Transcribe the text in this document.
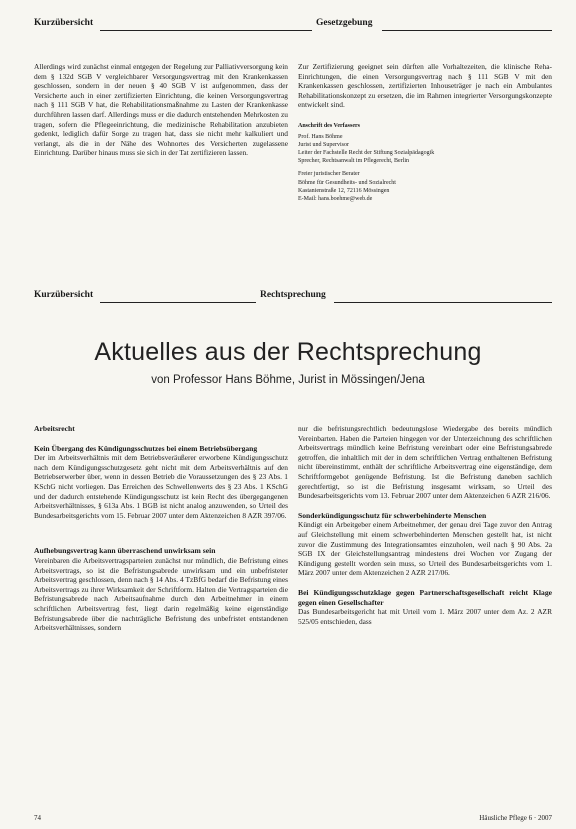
Kurzübersicht	Gesetzgebung

Allerdings wird zunächst einmal entgegen der Regelung zur Palliativversorgung kein dem § 132d SGB V vergleichbarer Versorgungsvertrag mit den Krankenkassen geschlossen, sondern in der neuen § 40 SGB V ist aufgenommen, dass der Versicherte auch in einer zertifizierten Einrichtung, die keinen Versorgungsvertrag nach § 111 SGB V hat, die Rehabilitationsmaßnahme zu Lasten der Krankenkasse durchführen lassen darf. Allerdings muss er die dadurch entstehenden Mehrkosten zu tragen, sofern die Pflegeeinrichtung, die medizinische Rehabilitation anzubieten gedenkt, lediglich dafür Sorge zu tragen hat, dass sie nicht mehr kalkuliert und verlangt, als die in der Nähe des Wohnortes des Versicherten zugelassene Einrichtung. Darüber hinaus muss sie sich in der Tat zertifizieren lassen.

Zur Zertifizierung geeignet sein dürften alle Vorhaltezeiten, die klinische Reha-Einrichtungen, die einen Versorgungsvertrag nach § 111 SGB V mit den Krankenkassen geschlossen, zertifizierten Inhouseträger je nach ein Ambulantes Rehabilitationskonzept zu ersetzen, die im Rahmen integrierter Versorgungskonzepte entwickelt sind.

Anschrift des Verfassers
Prof. Hans Böhme
Jurist und Supervisor
Leiter der Fachstelle Recht der Stiftung Sozialpädagogik
Sprecher, Rechtsanwalt im Pflegerecht, Berlin
Freier juristischer Berater
Böhme für Gesundheits- und Sozialrecht
Kastanienstraße 12, 72116 Mössingen
E-Mail: hans.boehme@web.de
Kurzübersicht	Rechtsprechung
Aktuelles aus der Rechtsprechung
von Professor Hans Böhme, Jurist in Mössingen/Jena

Arbeitsrecht

Kein Übergang des Kündigungsschutzes bei einem Betriebsübergang

Der im Arbeitsverhältnis mit dem Betriebsveräußerer erworbene Kündigungsschutz nach dem Kündigungsschutzgesetz geht nicht mit dem Arbeitsverhältnis auf den Betriebserwerber über, wenn in dessen Betrieb die Voraussetzungen des § 23 Abs. 1 KSchG nicht vorliegen. Das Erreichen des Schwellenwerts des § 23 Abs. 1 KSchG und der dadurch entstehende Kündigungsschutz ist kein Recht des übergegangenen Arbeitsverhältnisses, § 613a Abs. 1 BGB ist nicht analog anzuwenden, so Urteil des Bundesarbeitsgerichts vom 15. Februar 2007 unter dem Aktenzeichen 8 AZR 397/06.

Aufhebungsvertrag kann überraschend unwirksam sein

Vereinbaren die Arbeitsvertragsparteien zunächst nur mündlich, die Befristung eines Arbeitsvertrags, so ist die Befristungsabrede unwirksam und ein unbefristeter Arbeitsvertrag geschlossen, denn nach § 14 Abs. 4 TzBfG bedarf die Befristung eines Arbeitsvertrags zu ihrer Wirksamkeit der Schriftform. Halten die Vertragsparteien die Befristungsabrede nach Arbeitsaufnahme durch den Arbeitnehmer in einem schriftlichen Arbeitsvertrag fest, liegt darin regelmäßig keine eigenständige Befristungsabrede über die nachträgliche Befristung des unbefristet entstandenen Arbeitsverhältnisses, sondern

nur die befristungsrechtlich bedeutungslose Wiedergabe des bereits mündlich Vereinbarten. Haben die Parteien hingegen vor der Unterzeichnung des schriftlichen Arbeitsvertrags mündlich keine Befristung vereinbart oder eine Befristungsabrede getroffen, die inhaltlich mit der in dem schriftlichen Vertrag enthaltenen Befristung nicht übereinstimmt, enthält der schriftliche Arbeitsvertrag eine eigenständige, dem Schriftformgebot genügende Befristung. Ist die Befristung daneben sachlich gerechtfertigt, so ist die Befristung insgesamt wirksam, so Urteil des Bundesarbeitsgerichts vom 13. Februar 2007 unter dem Aktenzeichen 6 AZR 216/06.

Sonderkündigungsschutz für schwerbehinderte Menschen

Kündigt ein Arbeitgeber einem Arbeitnehmer, der genau drei Tage zuvor den Antrag auf Gleichstellung mit einem schwerbehinderten Menschen gestellt hat, ist nicht zuvor die Zustimmung des Integrationsamtes einzuholen, weil nach § 90 Abs. 2a SGB IX der Gleichstellungsantrag mindestens drei Wochen vor Zugang der Kündigung gestellt worden sein muss, so Urteil des Bundesarbeitsgerichts vom 1. März 2007 unter dem Aktenzeichen 2 AZR 217/06.

Bei Kündigungsschutzklage gegen Partnerschaftsgesellschaft reicht Klage gegen einen Gesellschafter

Das Bundesarbeitsgericht hat mit Urteil vom 1. März 2007 unter dem Az. 2 AZR 525/05 entschieden, dass

74	Häusliche Pflege 6 · 2007
